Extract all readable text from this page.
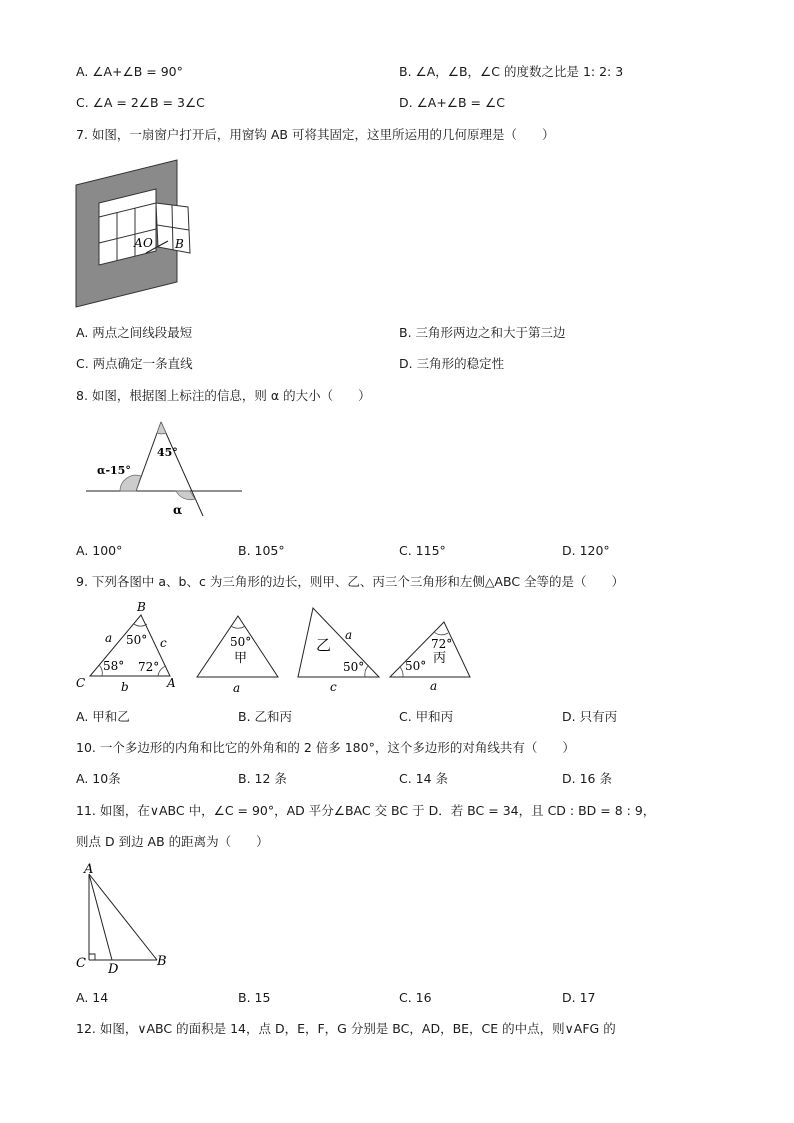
A. ∠A+∠B = 90°	B. ∠A，∠B，∠C 的度数之比是 1: 2: 3
C. ∠A = 2∠B = 3∠C	D. ∠A+∠B = ∠C
7. 如图，一扇窗户打开后，用窗钩 AB 可将其固定，这里所运用的几何原理是（　　）
A O B
A. 两点之间线段最短	B. 三角形两边之和大于第三边
C. 两点确定一条直线	D. 三角形的稳定性
8. 如图，根据图上标注的信息，则 α 的大小（　　）
α-15°
45°
α
A. 100°	B. 105°	C. 115°	D. 120°
9. 下列各图中 a、b、c 为三角形的边长，则甲、乙、丙三个三角形和左侧△ABC 全等的是（　　）
B
C	A
a	c
b
50°
58° 72°
50°
甲
a
乙
a
50°
c
72°
丙
50°
a
A. 甲和乙	B. 乙和丙	C. 甲和丙	D. 只有丙
10. 一个多边形的内角和比它的外角和的 2 倍多 180°，这个多边形的对角线共有（　　）
A. 10条	B. 12 条	C. 14 条	D. 16 条
11. 如图，在∨ABC 中，∠C = 90°，AD 平分∠BAC 交 BC 于 D．若 BC = 34，且 CD : BD = 8 : 9，
则点 D 到边 AB 的距离为（　　）
A
C D
B
A. 14	B. 15	C. 16	D. 17
12. 如图，∨ABC 的面积是 14，点 D，E，F，G 分别是 BC，AD，BE，CE 的中点，则∨AFG 的
